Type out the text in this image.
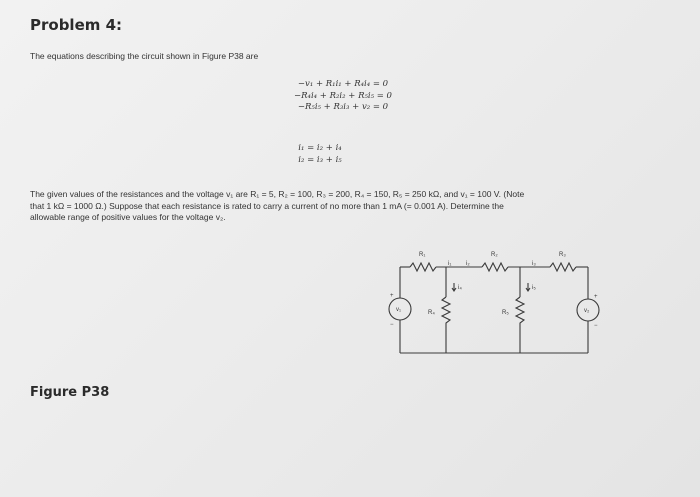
Problem 4:
The equations describing the circuit shown in Figure P38 are
−v₁ + R₁i₁ + R₄i₄ = 0
−R₄i₄ + R₂i₂ + R₅i₅ = 0
−R₅i₅ + R₃i₃ + v₂ = 0
i₁ = i₂ + i₄
i₂ = i₃ + i₅
The given values of the resistances and the voltage v₁ are R₁ = 5, R₂ = 100, R₃ = 200, R₄ = 150, R₅ = 250 kΩ, and v₁ = 100 V. (Note
that 1 kΩ = 1000 Ω.) Suppose that each resistance is rated to carry a current of no more than 1 mA (= 0.001 A). Determine the
allowable range of positive values for the voltage v₂.
R₁	R₂	R₃
i₁ i₂	i₃
i₄	i₅
R₄	R₅
v₁	v₂
+
−
+
−
Figure P38
